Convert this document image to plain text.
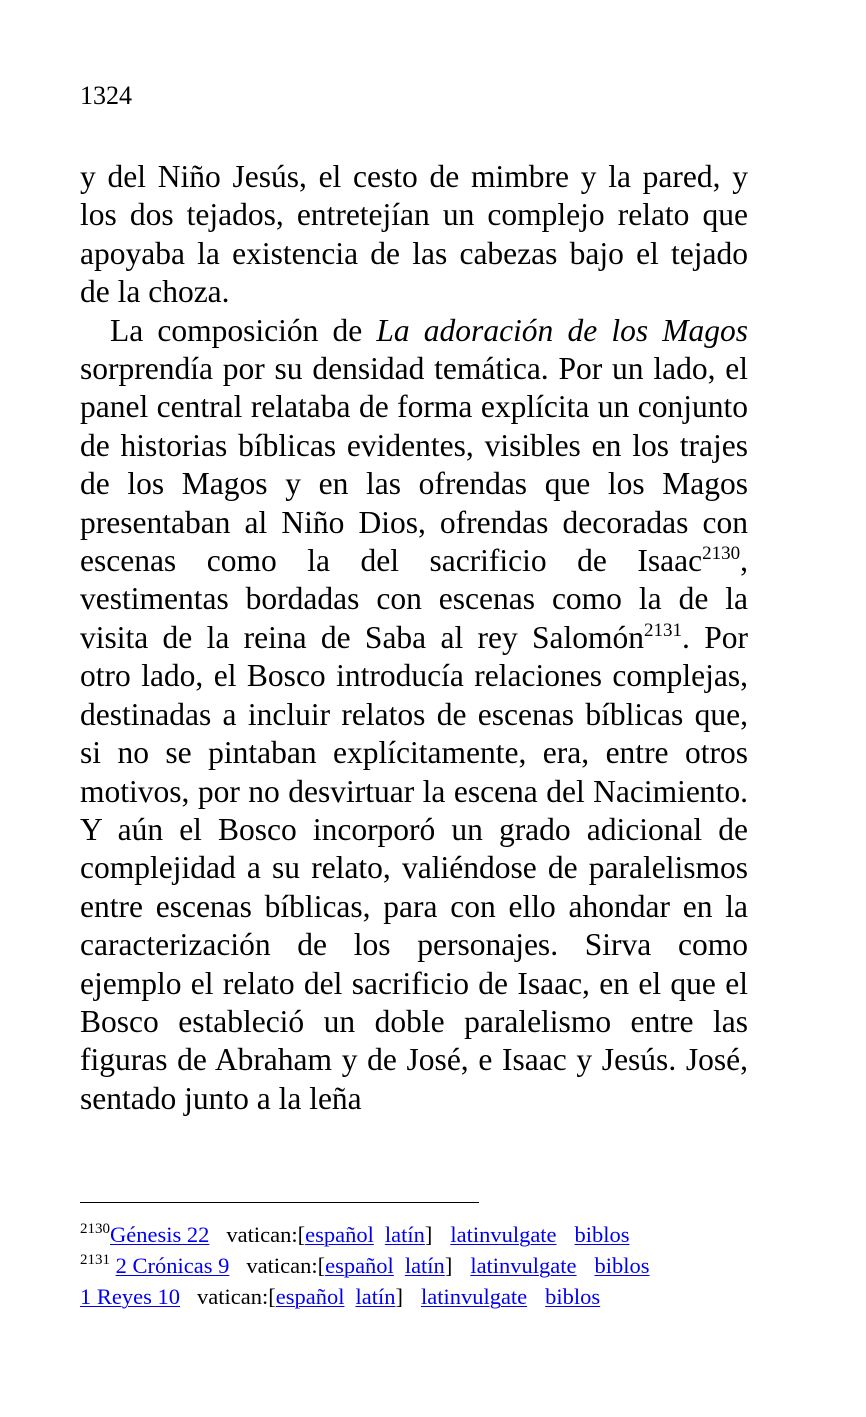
1324

y del Niño Jesús, el cesto de mimbre y la pared, y los dos tejados, entretejían un complejo relato que apoyaba la existencia de las cabezas bajo el tejado de la choza.

La composición de La adoración de los Magos sorprendía por su densidad temática. Por un lado, el panel central relataba de forma explícita un conjunto de historias bíblicas evidentes, visibles en los trajes de los Magos y en las ofrendas que los Magos presentaban al Niño Dios, ofrendas decoradas con escenas como la del sacrificio de Isaac$^{2130}$, vestimentas bordadas con escenas como la de la visita de la reina de Saba al rey Salomón$^{2131}$. Por otro lado, el Bosco introducía relaciones complejas, destinadas a incluir relatos de escenas bíblicas que, si no se pintaban explícitamente, era, entre otros motivos, por no desvirtuar la escena del Nacimiento. Y aún el Bosco incorporó un grado adicional de complejidad a su relato, valiéndose de paralelismos entre escenas bíblicas, para con ello ahondar en la caracterización de los personajes. Sirva como ejemplo el relato del sacrificio de Isaac, en el que el Bosco estableció un doble paralelismo entre las figuras de Abraham y de José, e Isaac y Jesús. José, sentado junto a la leña

$^{2130}$Génesis 22 vatican:[español latín] latinvulgate biblos
$^{2131}$ 2 Crónicas 9 vatican:[español latín] latinvulgate biblos
1 Reyes 10 vatican:[español latín] latinvulgate biblos
